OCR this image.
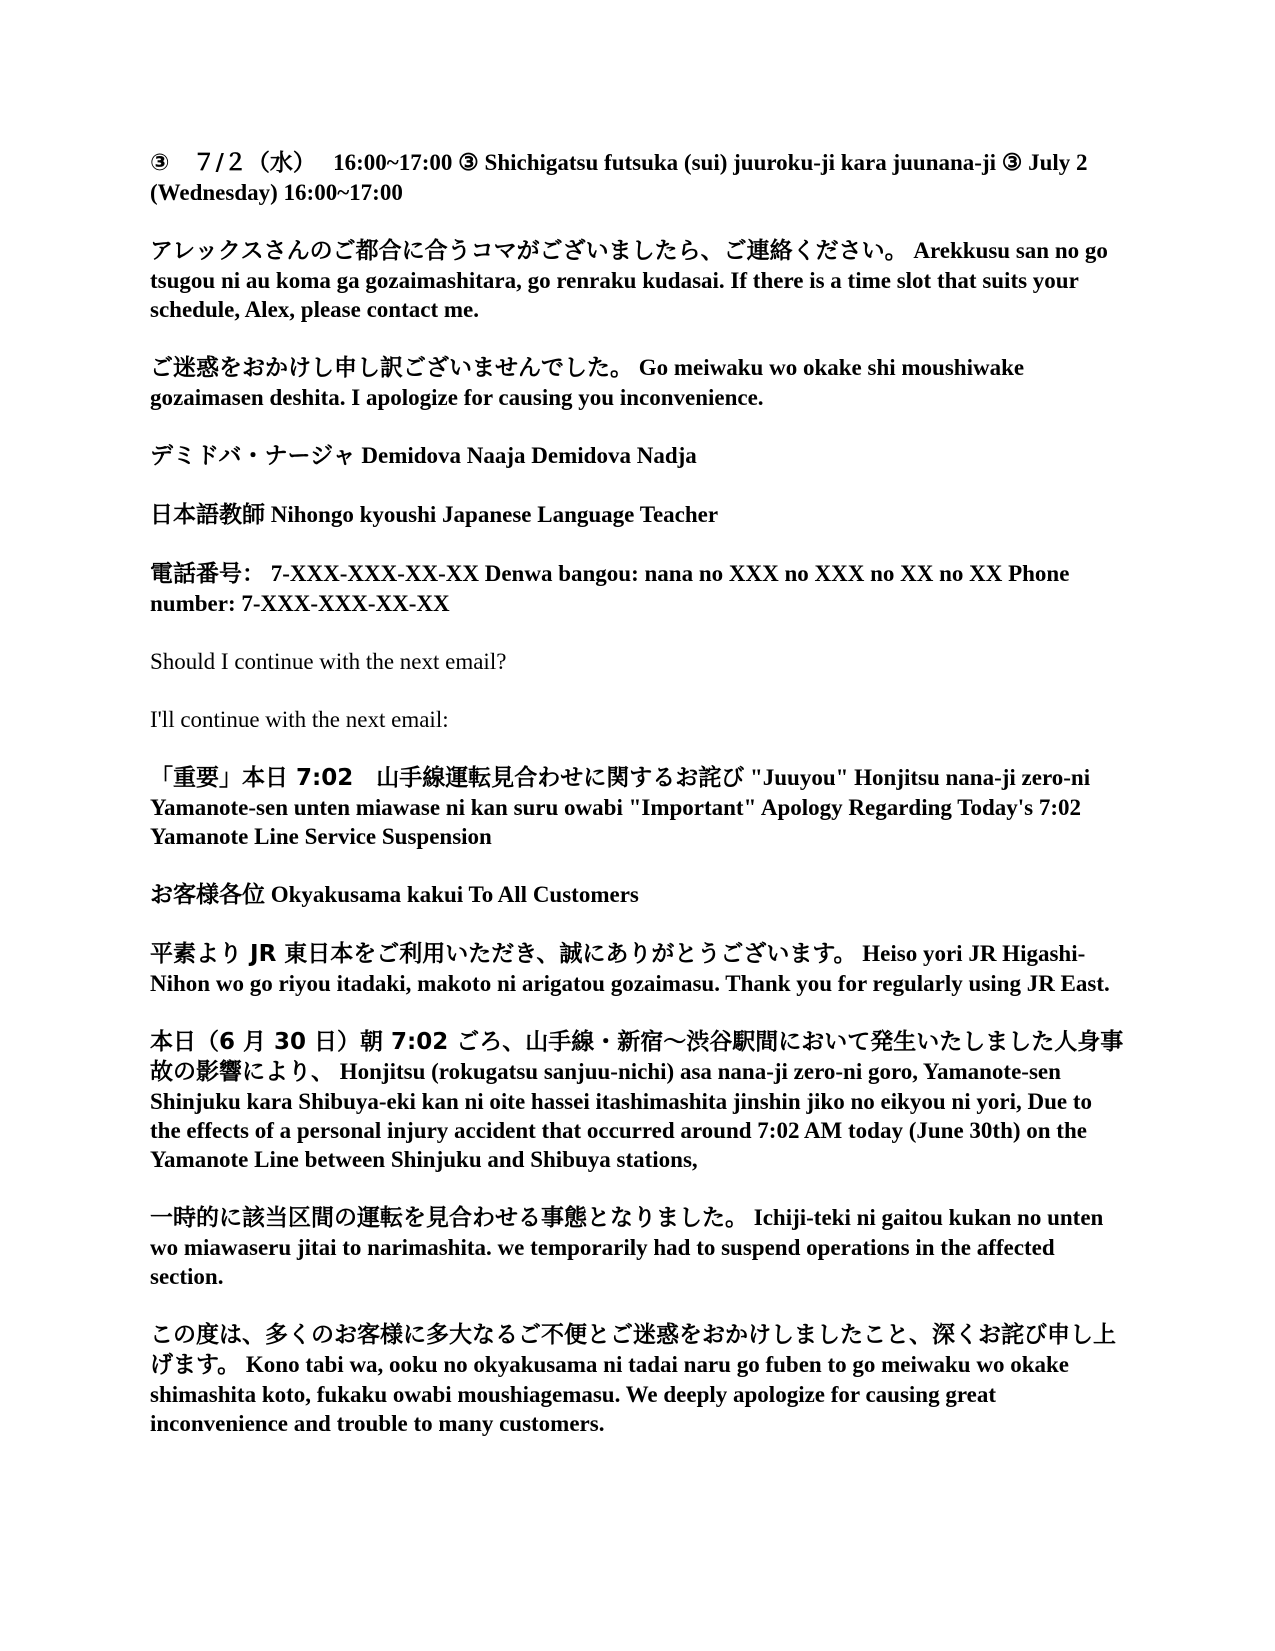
③　７/２（水）　 16:00~17:00 ③ Shichigatsu futsuka (sui) juuroku-ji kara juunana-ji ③ July 2 (Wednesday) 16:00~17:00

アレックスさんのご都合に合うコマがございましたら、ご連絡ください。 Arekkusu san no go tsugou ni au koma ga gozaimashitara, go renraku kudasai. If there is a time slot that suits your schedule, Alex, please contact me.

ご迷惑をおかけし申し訳ございませんでした。 Go meiwaku wo okake shi moushiwake gozaimasen deshita. I apologize for causing you inconvenience.

デミドバ・ナージャ Demidova Naaja Demidova Nadja

日本語教師 Nihongo kyoushi Japanese Language Teacher

電話番号： 7-XXX-XXX-XX-XX Denwa bangou: nana no XXX no XXX no XX no XX Phone number: 7-XXX-XXX-XX-XX

Should I continue with the next email?

I'll continue with the next email:

「重要」本日 7:02　山手線運転見合わせに関するお詫び "Juuyou" Honjitsu nana-ji zero-ni Yamanote-sen unten miawase ni kan suru owabi "Important" Apology Regarding Today's 7:02 Yamanote Line Service Suspension

お客様各位 Okyakusama kakui To All Customers

平素より JR 東日本をご利用いただき、誠にありがとうございます。 Heiso yori JR Higashi-Nihon wo go riyou itadaki, makoto ni arigatou gozaimasu. Thank you for regularly using JR East.

本日（6 月 30 日）朝 7:02 ごろ、山手線・新宿〜渋谷駅間において発生いたしました人身事故の影響により、 Honjitsu (rokugatsu sanjuu-nichi) asa nana-ji zero-ni goro, Yamanote-sen Shinjuku kara Shibuya-eki kan ni oite hassei itashimashita jinshin jiko no eikyou ni yori, Due to the effects of a personal injury accident that occurred around 7:02 AM today (June 30th) on the Yamanote Line between Shinjuku and Shibuya stations,

一時的に該当区間の運転を見合わせる事態となりました。 Ichiji-teki ni gaitou kukan no unten wo miawaseru jitai to narimashita. we temporarily had to suspend operations in the affected section.

この度は、多くのお客様に多大なるご不便とご迷惑をおかけしましたこと、深くお詫び申し上げます。 Kono tabi wa, ooku no okyakusama ni tadai naru go fuben to go meiwaku wo okake shimashita koto, fukaku owabi moushiagemasu. We deeply apologize for causing great inconvenience and trouble to many customers.
